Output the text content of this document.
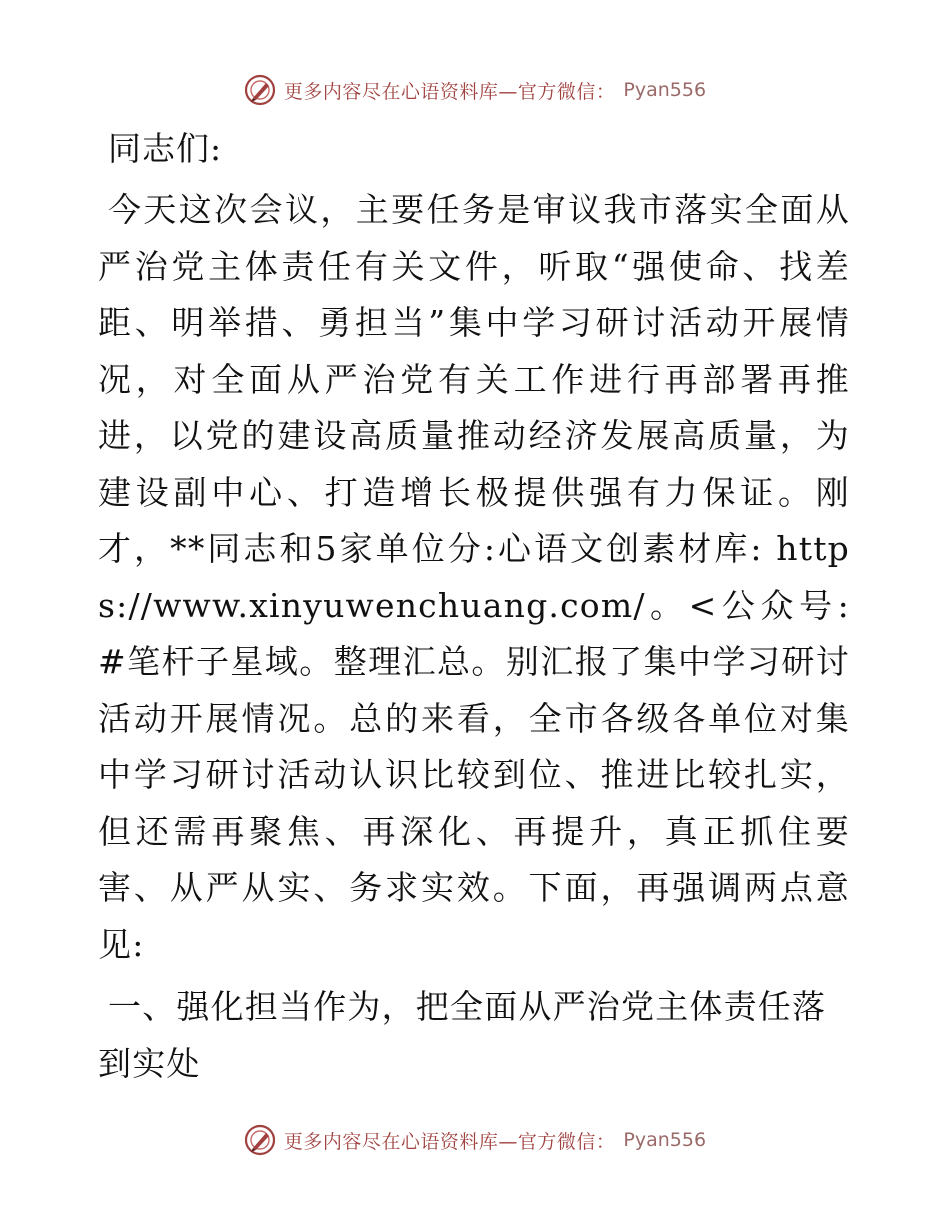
更多内容尽在心语资料库—官方微信： Pyan556

同志们:

今天这次会议，主要任务是审议我市落实全面从严治党主体责任有关文件，听取“强使命、找差距、明举措、勇担当”集中学习研讨活动开展情况，对全面从严治党有关工作进行再部署再推进，以党的建设高质量推动经济发展高质量，为建设副中心、打造增长极提供强有力保证。刚才，**同志和5家单位分:心语文创素材库: https://www.xinyuwenchuang.com/。<公众号: #笔杆子星域。整理汇总。别汇报了集中学习研讨活动开展情况。总的来看，全市各级各单位对集中学习研讨活动认识比较到位、推进比较扎实，但还需再聚焦、再深化、再提升，真正抓住要害、从严从实、务求实效。下面，再强调两点意见:

一、强化担当作为，把全面从严治党主体责任落到实处

更多内容尽在心语资料库—官方微信： Pyan556
